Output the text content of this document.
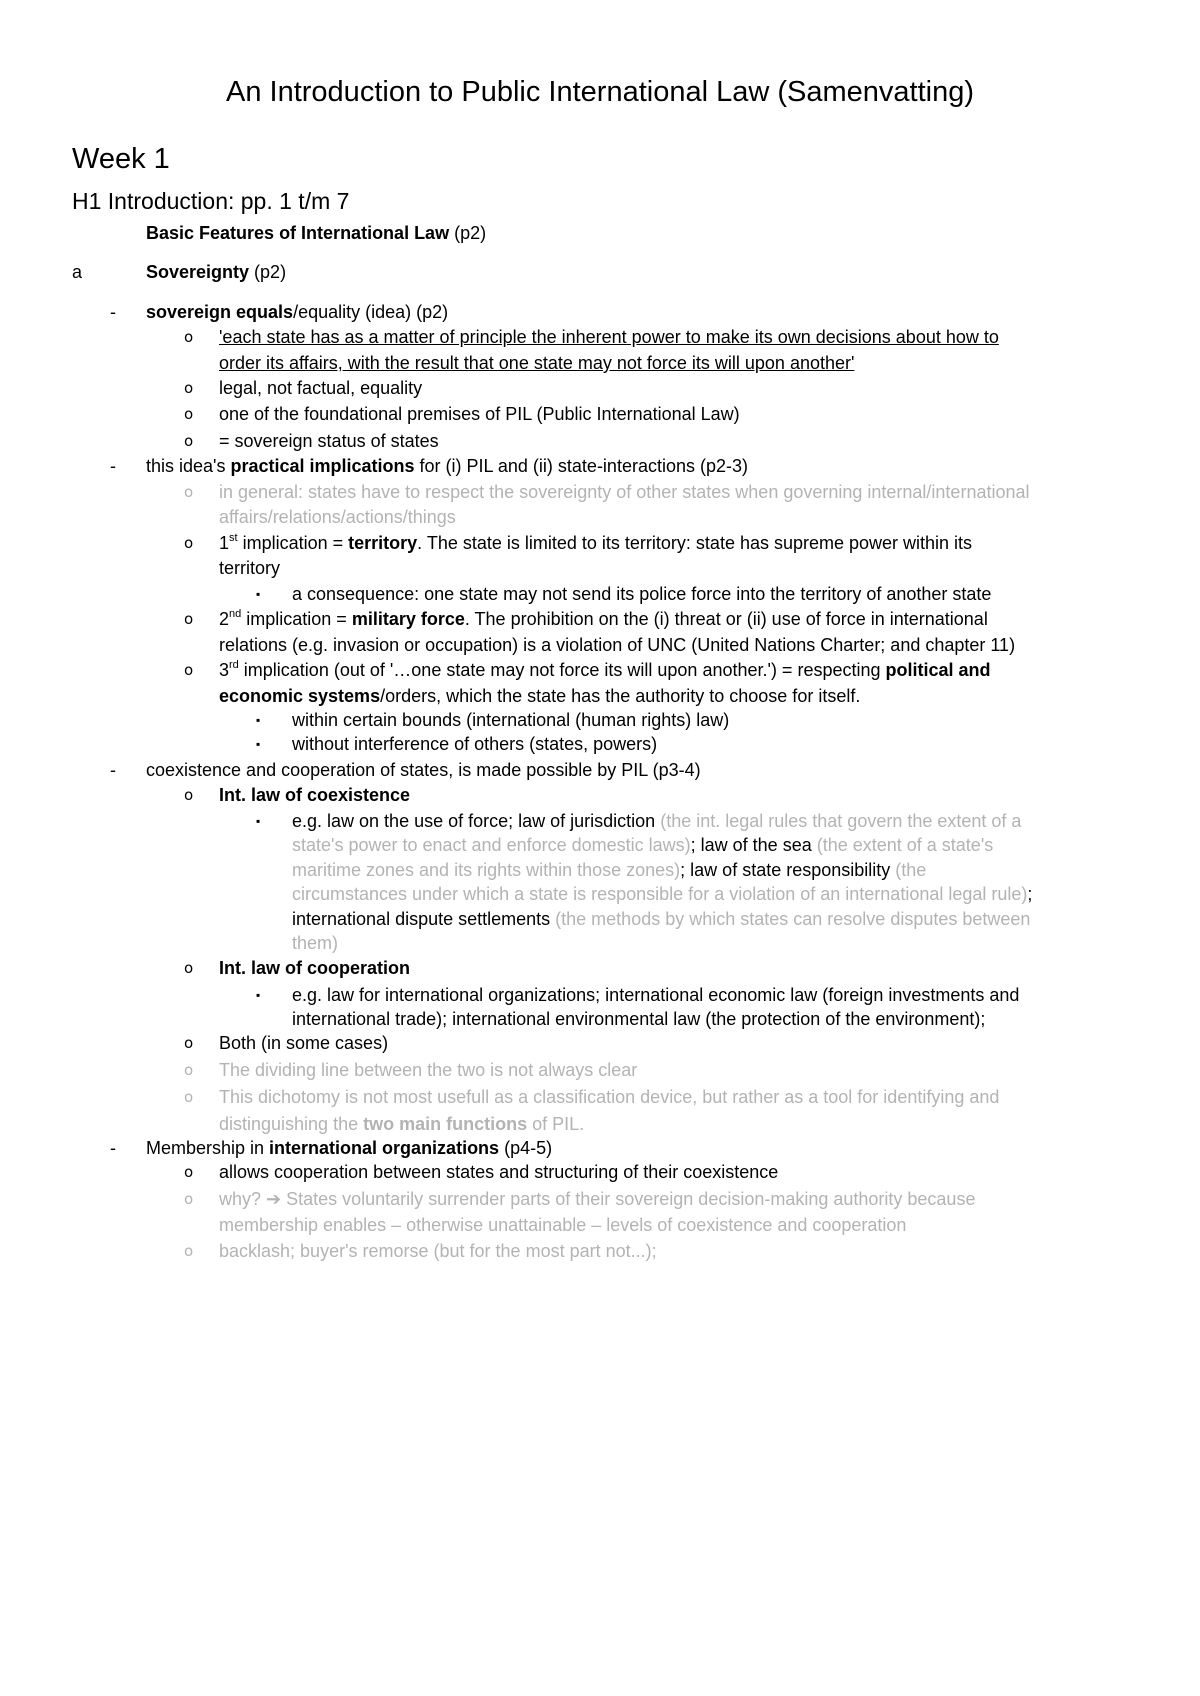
An Introduction to Public International Law (Samenvatting)
Week 1
H1 Introduction: pp. 1 t/m 7
Basic Features of International Law (p2)
a	Sovereignty (p2)
- sovereign equals/equality (idea) (p2)
o 'each state has as a matter of principle the inherent power to make its own decisions about how to
order its affairs, with the result that one state may not force its will upon another'
o legal, not factual, equality
o one of the foundational premises of PIL (Public International Law)
o = sovereign status of states
- this idea's practical implications for (i) PIL and (ii) state-interactions (p2-3)
o in general: states have to respect the sovereignty of other states when governing internal/international
affairs/relations/actions/things
o 1st implication = territory. The state is limited to its territory: state has supreme power within its
territory
▪ a consequence: one state may not send its police force into the territory of another state
o 2nd implication = military force. The prohibition on the (i) threat or (ii) use of force in international
relations (e.g. invasion or occupation) is a violation of UNC (United Nations Charter; and chapter 11)
o 3rd implication (out of '…one state may not force its will upon another.') = respecting political and
economic systems/orders, which the state has the authority to choose for itself.
▪ within certain bounds (international (human rights) law)
▪ without interference of others (states, powers)
- coexistence and cooperation of states, is made possible by PIL (p3-4)
o Int. law of coexistence
▪ e.g. law on the use of force; law of jurisdiction (the int. legal rules that govern the extent of a
state's power to enact and enforce domestic laws); law of the sea (the extent of a state's
maritime zones and its rights within those zones); law of state responsibility (the
circumstances under which a state is responsible for a violation of an international legal rule);
international dispute settlements (the methods by which states can resolve disputes between
them)
o Int. law of cooperation
▪ e.g. law for international organizations; international economic law (foreign investments and
international trade); international environmental law (the protection of the environment);
o Both (in some cases)
o The dividing line between the two is not always clear
o This dichotomy is not most usefull as a classification device, but rather as a tool for identifying and
distinguishing the two main functions of PIL.
- Membership in international organizations (p4-5)
o allows cooperation between states and structuring of their coexistence
o why? ➔ States voluntarily surrender parts of their sovereign decision-making authority because
membership enables – otherwise unattainable – levels of coexistence and cooperation
o backlash; buyer's remorse (but for the most part not...);
